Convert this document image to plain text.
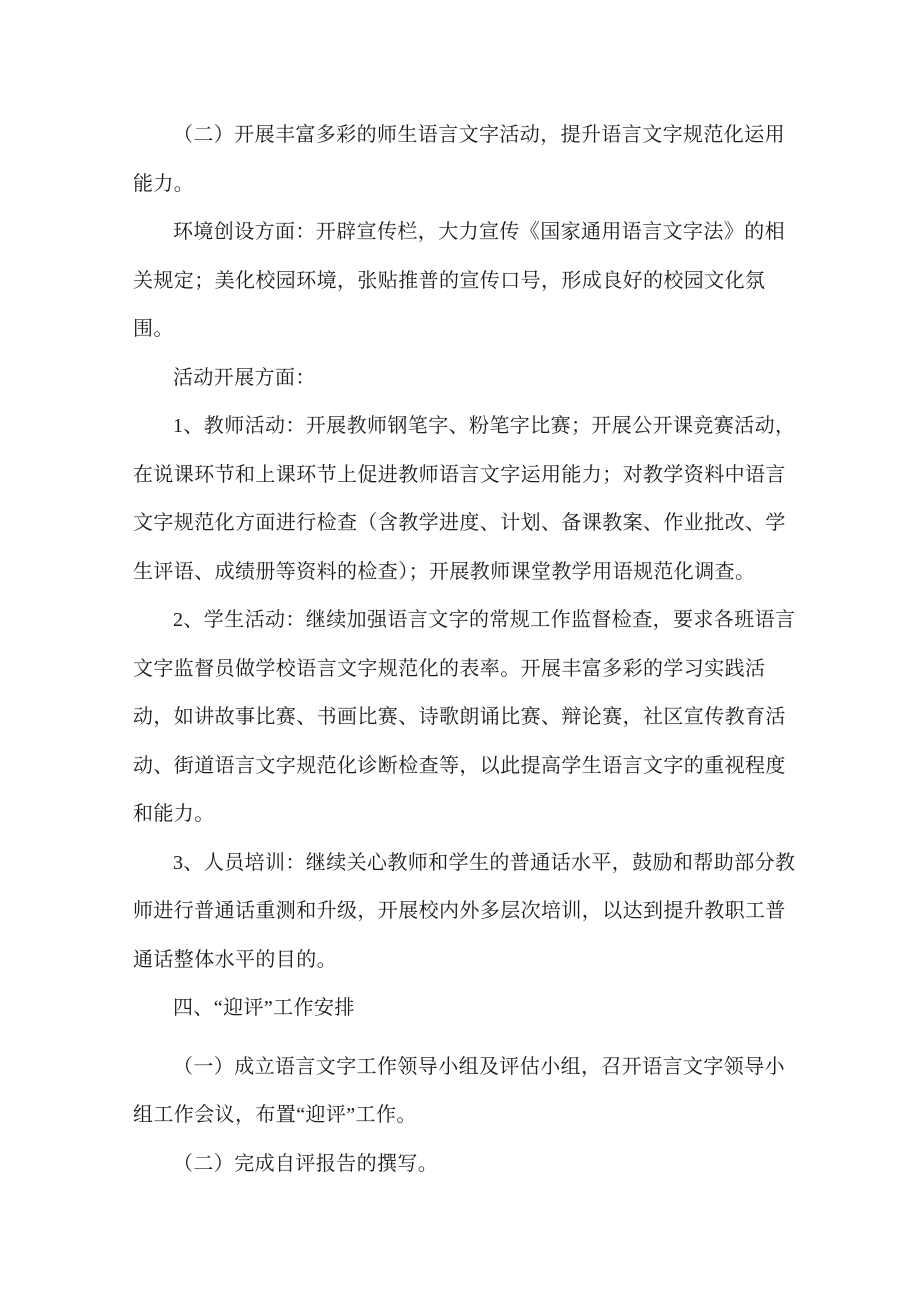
（二）开展丰富多彩的师生语言文字活动，提升语言文字规范化运用
能力。
环境创设方面：开辟宣传栏，大力宣传《国家通用语言文字法》的相
关规定；美化校园环境，张贴推普的宣传口号，形成良好的校园文化氛
围。
活动开展方面：
1、教师活动：开展教师钢笔字、粉笔字比赛；开展公开课竞赛活动，
在说课环节和上课环节上促进教师语言文字运用能力；对教学资料中语言
文字规范化方面进行检查（含教学进度、计划、备课教案、作业批改、学
生评语、成绩册等资料的检查）；开展教师课堂教学用语规范化调查。
2、学生活动：继续加强语言文字的常规工作监督检查，要求各班语言
文字监督员做学校语言文字规范化的表率。开展丰富多彩的学习实践活
动，如讲故事比赛、书画比赛、诗歌朗诵比赛、辩论赛，社区宣传教育活
动、街道语言文字规范化诊断检查等，以此提高学生语言文字的重视程度
和能力。
3、人员培训：继续关心教师和学生的普通话水平，鼓励和帮助部分教
师进行普通话重测和升级，开展校内外多层次培训，以达到提升教职工普
通话整体水平的目的。
四、“迎评”工作安排
（一）成立语言文字工作领导小组及评估小组，召开语言文字领导小
组工作会议，布置“迎评”工作。
（二）完成自评报告的撰写。
